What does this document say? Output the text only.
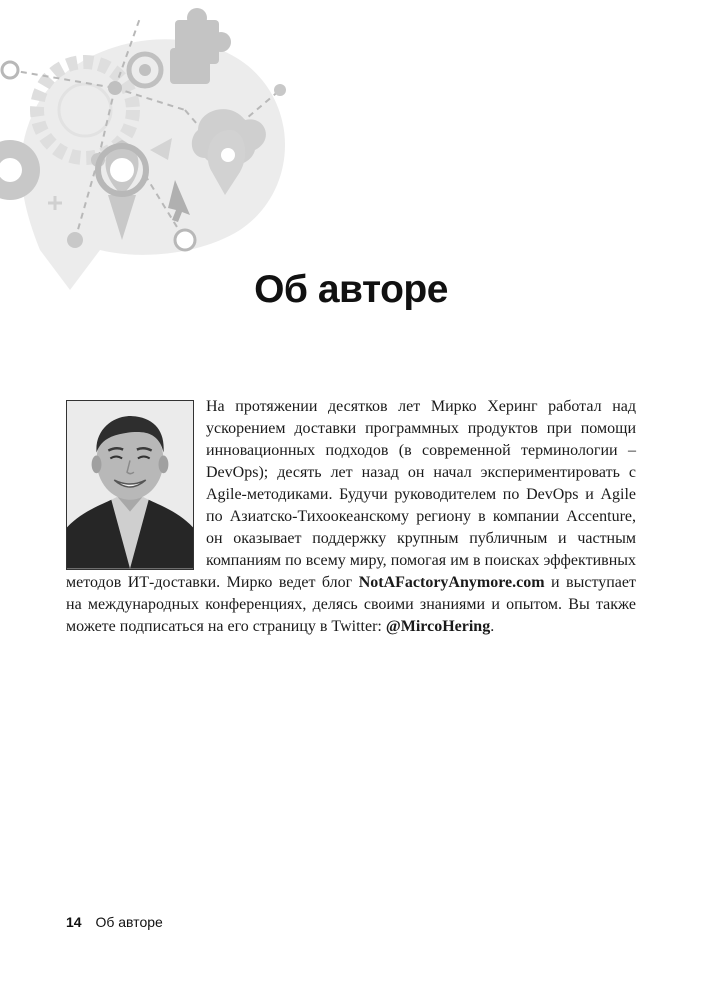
Об авторе
На протяжении десятков лет Мирко Херинг работал над ускорением доставки программных продуктов при помощи инновационных подходов (в современной терминологии – DevOps); десять лет назад он начал экспериментировать с Agile-методиками. Будучи руководителем по DevOps и Agile по Азиатско-Тихоокеанскому региону в компании Accenture, он оказывает поддержку крупным публичным и частным компаниям по всему миру, помогая им в поисках эффективных методов ИТ-доставки. Мирко ведет блог NotAFactoryAnymore.com и выступает на международных конференциях, делясь своими знаниями и опытом. Вы также можете подписаться на его страницу в Twitter: @MircoHering.
14 Об авторе
